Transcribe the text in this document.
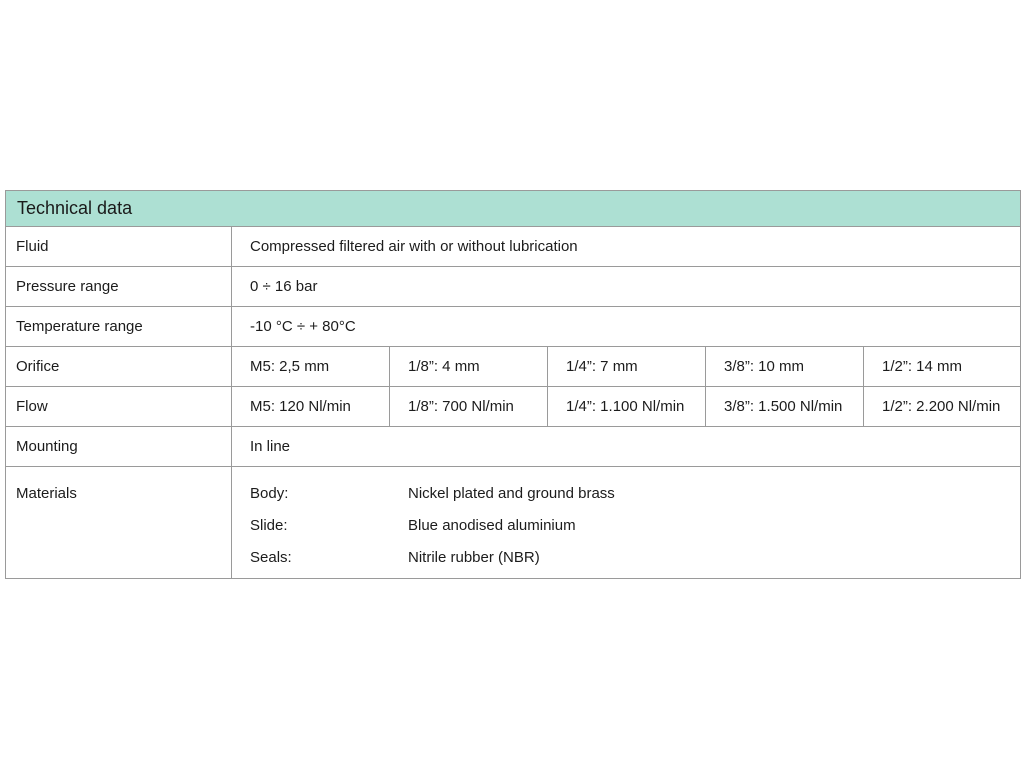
Technical data
Fluid	Compressed filtered air with or without lubrication
Pressure range	0 ÷ 16 bar
Temperature range	-10 °C ÷ + 80°C
Orifice	M5: 2,5 mm	1/8”: 4 mm	1/4”: 7 mm	3/8”: 10 mm	1/2”: 14 mm
Flow	M5: 120 Nl/min	1/8”: 700 Nl/min	1/4”: 1.100 Nl/min	3/8”: 1.500 Nl/min	1/2”: 2.200 Nl/min
Mounting	In line
Materials	Body:	Nickel plated and ground brass
Slide:	Blue anodised aluminium
Seals:	Nitrile rubber (NBR)
